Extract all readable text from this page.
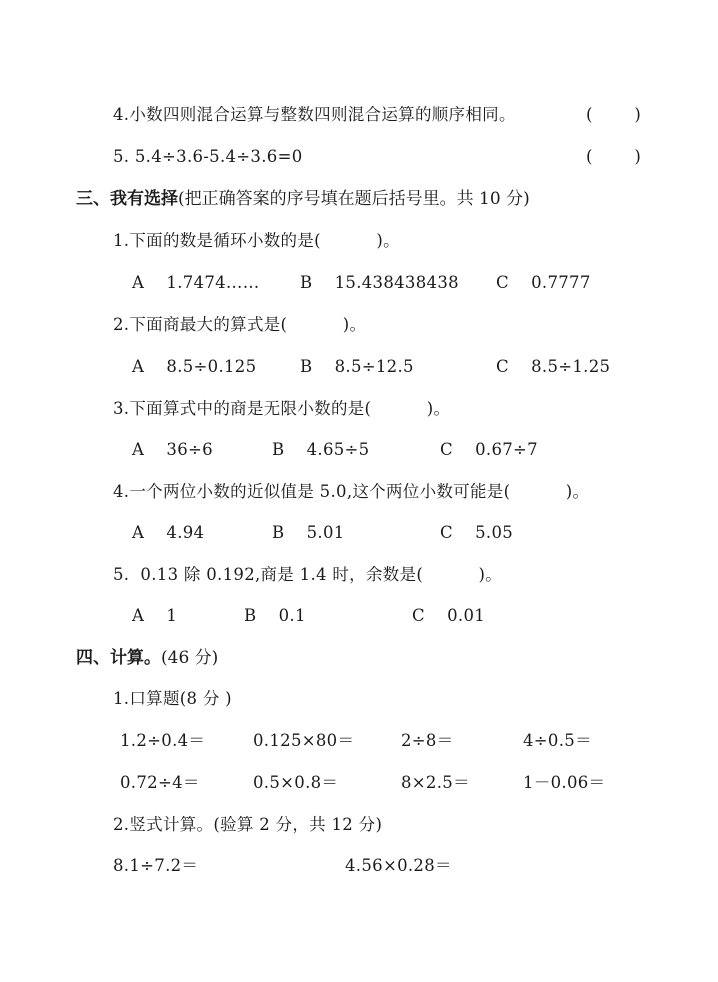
4.小数四则混合运算与整数四则混合运算的顺序相同。	(        )
5. 5.4÷3.6-5.4÷3.6=0	(        )
三、我有选择(把正确答案的序号填在题后括号里。共 10 分)
1.下面的数是循环小数的是(          )。
A    1.7474…… B    15.438438438 C    0.7777
2.下面商最大的算式是(          )。
A    8.5÷0.125	B    8.5÷12.5	C    8.5÷1.25
3.下面算式中的商是无限小数的是(          )。
A    36÷6	B    4.65÷5	C    0.67÷7
4.一个两位小数的近似值是 5.0,这个两位小数可能是(          )。
A    4.94	B    5.01	C    5.05
5.  0.13 除 0.192,商是 1.4 时，余数是(          )。
A    1	B    0.1	C    0.01
四、计算。(46 分)
1.口算题(8 分 )
1.2÷0.4＝	0.125×80＝	2÷8＝	4÷0.5＝
0.72÷4＝	0.5×0.8＝	8×2.5＝	1－0.06＝
2.竖式计算。(验算 2 分，共 12 分)
8.1÷7.2＝	4.56×0.28＝
